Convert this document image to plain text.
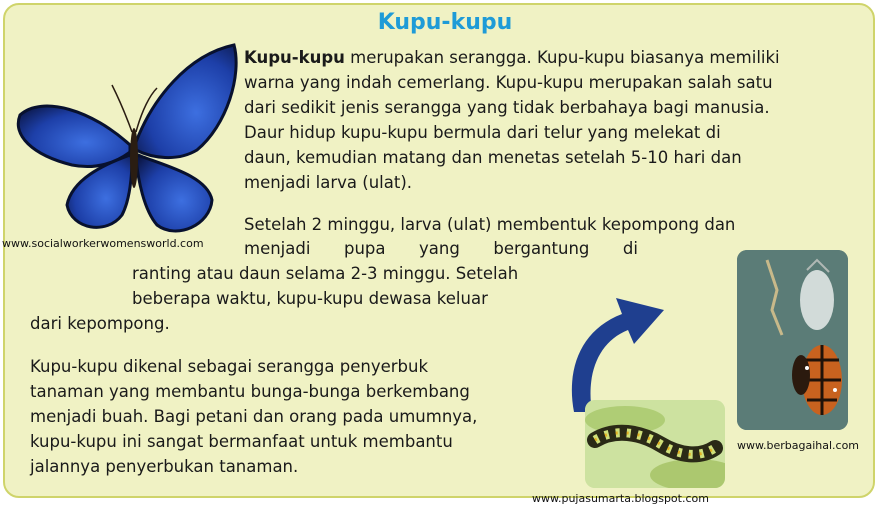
Kupu-kupu
www.socialworkerwomensworld.com
Kupu-kupu merupakan serangga. Kupu-kupu biasanya memiliki
warna yang indah cemerlang. Kupu-kupu merupakan salah satu
dari sedikit jenis serangga yang tidak berbahaya bagi manusia.
Daur hidup kupu-kupu bermula dari telur yang melekat di
daun, kemudian matang dan menetas setelah 5-10 hari dan
menjadi larva (ulat).
Setelah 2 minggu, larva (ulat) membentuk kepompong dan
menjadi pupa yang bergantung di
ranting atau daun selama 2-3 minggu. Setelah
beberapa waktu, kupu-kupu dewasa keluar
dari kepompong.
Kupu-kupu dikenal sebagai serangga penyerbuk
tanaman yang membantu bunga-bunga berkembang
menjadi buah. Bagi petani dan orang pada umumnya,
kupu-kupu ini sangat bermanfaat untuk membantu
jalannya penyerbukan tanaman.
www.berbagaihal.com
www.pujasumarta.blogspot.com
